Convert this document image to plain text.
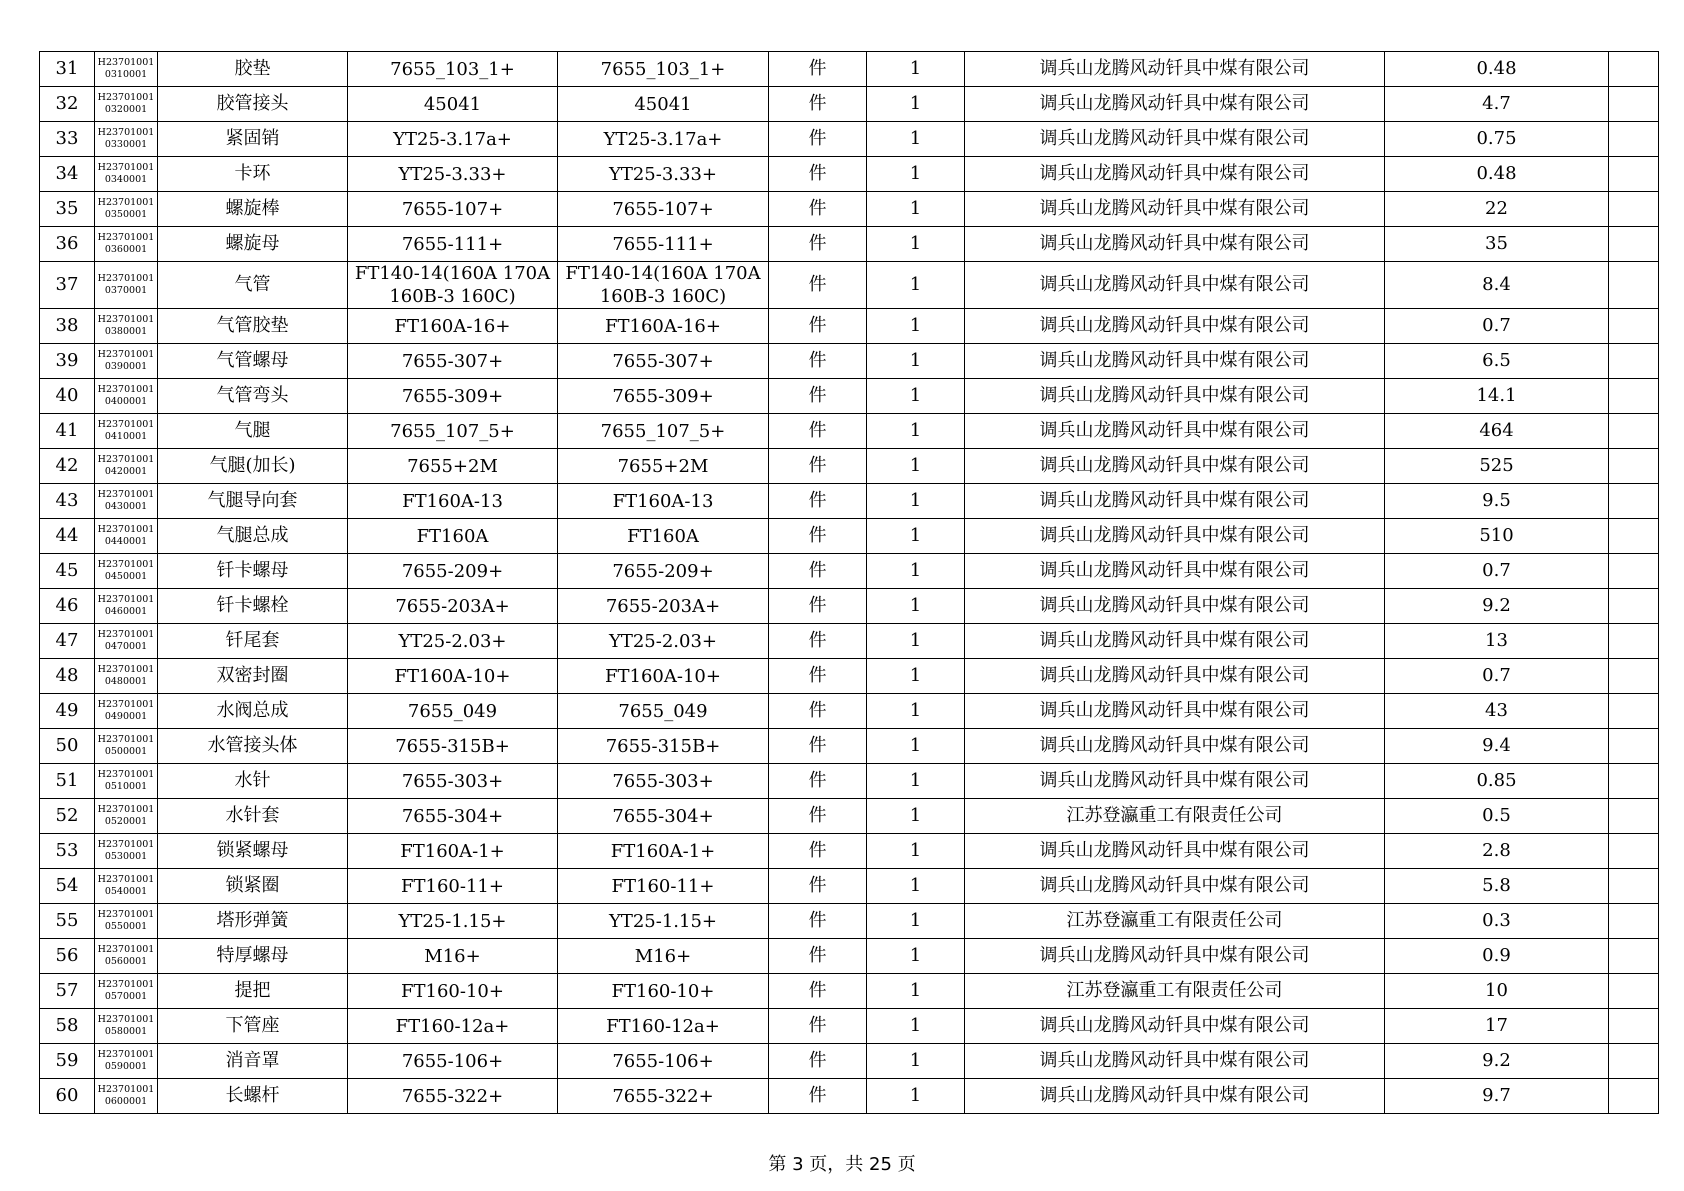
31	H237010010310001	胶垫	7655_103_1+	7655_103_1+	件	1	调兵山龙腾风动钎具中煤有限公司	0.48	
32	H237010010320001	胶管接头	45041	45041	件	1	调兵山龙腾风动钎具中煤有限公司	4.7	
33	H237010010330001	紧固销	YT25-3.17a+	YT25-3.17a+	件	1	调兵山龙腾风动钎具中煤有限公司	0.75	
34	H237010010340001	卡环	YT25-3.33+	YT25-3.33+	件	1	调兵山龙腾风动钎具中煤有限公司	0.48	
35	H237010010350001	螺旋棒	7655-107+	7655-107+	件	1	调兵山龙腾风动钎具中煤有限公司	22	
36	H237010010360001	螺旋母	7655-111+	7655-111+	件	1	调兵山龙腾风动钎具中煤有限公司	35	
37	H237010010370001	气管	FT140-14(160A 170A
160B-3 160C)	FT140-14(160A 170A
160B-3 160C)	件	1	调兵山龙腾风动钎具中煤有限公司	8.4	
38	H237010010380001	气管胶垫	FT160A-16+	FT160A-16+	件	1	调兵山龙腾风动钎具中煤有限公司	0.7	
39	H237010010390001	气管螺母	7655-307+	7655-307+	件	1	调兵山龙腾风动钎具中煤有限公司	6.5	
40	H237010010400001	气管弯头	7655-309+	7655-309+	件	1	调兵山龙腾风动钎具中煤有限公司	14.1	
41	H237010010410001	气腿	7655_107_5+	7655_107_5+	件	1	调兵山龙腾风动钎具中煤有限公司	464	
42	H237010010420001	气腿(加长)	7655+2M	7655+2M	件	1	调兵山龙腾风动钎具中煤有限公司	525	
43	H237010010430001	气腿导向套	FT160A-13	FT160A-13	件	1	调兵山龙腾风动钎具中煤有限公司	9.5	
44	H237010010440001	气腿总成	FT160A	FT160A	件	1	调兵山龙腾风动钎具中煤有限公司	510	
45	H237010010450001	钎卡螺母	7655-209+	7655-209+	件	1	调兵山龙腾风动钎具中煤有限公司	0.7	
46	H237010010460001	钎卡螺栓	7655-203A+	7655-203A+	件	1	调兵山龙腾风动钎具中煤有限公司	9.2	
47	H237010010470001	钎尾套	YT25-2.03+	YT25-2.03+	件	1	调兵山龙腾风动钎具中煤有限公司	13	
48	H237010010480001	双密封圈	FT160A-10+	FT160A-10+	件	1	调兵山龙腾风动钎具中煤有限公司	0.7	
49	H237010010490001	水阀总成	7655_049	7655_049	件	1	调兵山龙腾风动钎具中煤有限公司	43	
50	H237010010500001	水管接头体	7655-315B+	7655-315B+	件	1	调兵山龙腾风动钎具中煤有限公司	9.4	
51	H237010010510001	水针	7655-303+	7655-303+	件	1	调兵山龙腾风动钎具中煤有限公司	0.85	
52	H237010010520001	水针套	7655-304+	7655-304+	件	1	江苏登瀛重工有限责任公司	0.5	
53	H237010010530001	锁紧螺母	FT160A-1+	FT160A-1+	件	1	调兵山龙腾风动钎具中煤有限公司	2.8	
54	H237010010540001	锁紧圈	FT160-11+	FT160-11+	件	1	调兵山龙腾风动钎具中煤有限公司	5.8	
55	H237010010550001	塔形弹簧	YT25-1.15+	YT25-1.15+	件	1	江苏登瀛重工有限责任公司	0.3	
56	H237010010560001	特厚螺母	M16+	M16+	件	1	调兵山龙腾风动钎具中煤有限公司	0.9	
57	H237010010570001	提把	FT160-10+	FT160-10+	件	1	江苏登瀛重工有限责任公司	10	
58	H237010010580001	下管座	FT160-12a+	FT160-12a+	件	1	调兵山龙腾风动钎具中煤有限公司	17	
59	H237010010590001	消音罩	7655-106+	7655-106+	件	1	调兵山龙腾风动钎具中煤有限公司	9.2	
60	H237010010600001	长螺杆	7655-322+	7655-322+	件	1	调兵山龙腾风动钎具中煤有限公司	9.7	
第 3 页，共 25 页
